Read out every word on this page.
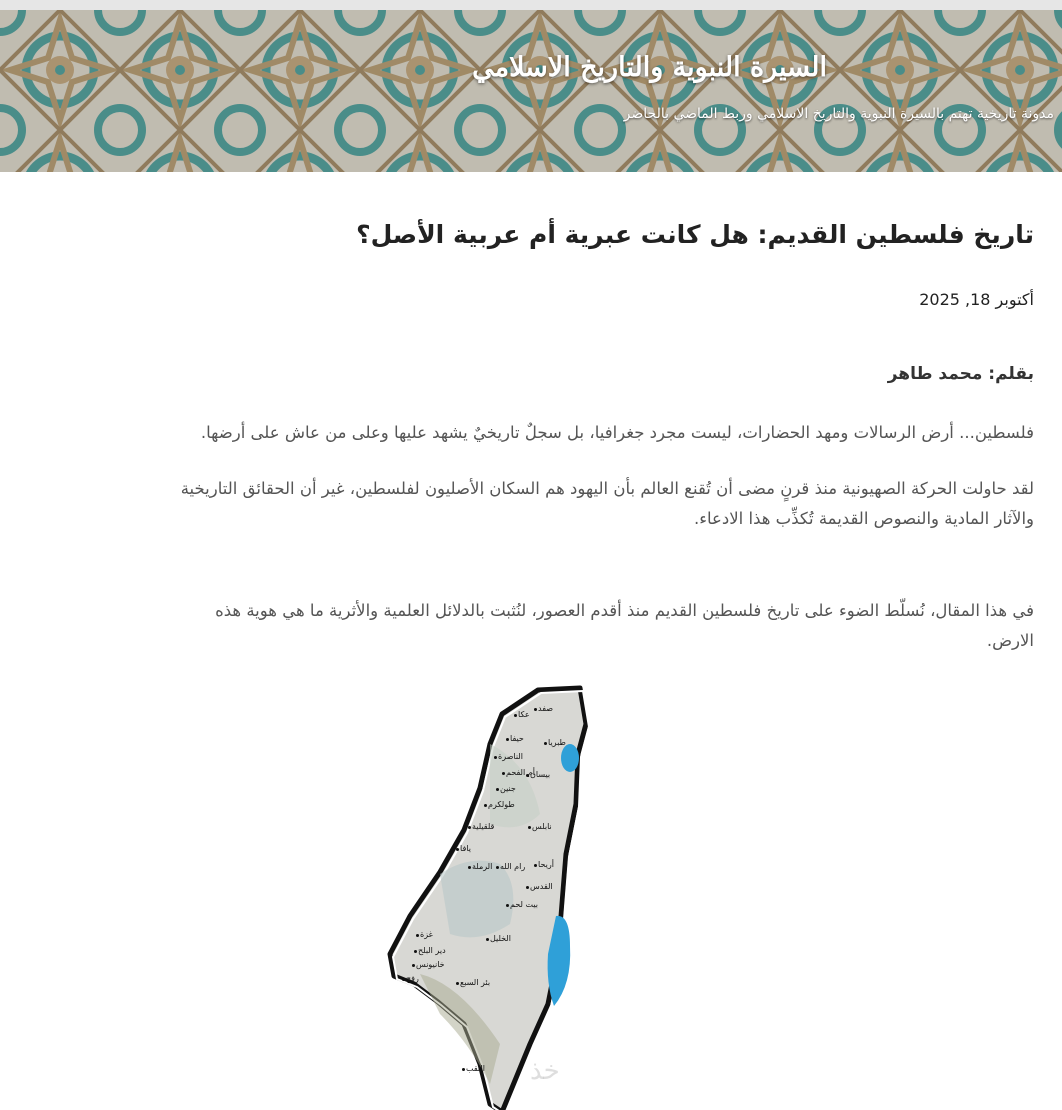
السيرة النبوية والتاريخ الاسلامي

مدونة تاريخية تهتم بالسيرة النبوية والتاريخ الاسلامي وربط الماضي بالحاضر

تاريخ فلسطين القديم: هل كانت عبرية أم عربية الأصل؟
أكتوبر 18, 2025

بقلم: محمد طاهر

فلسطين... أرض الرسالات ومهد الحضارات، ليست مجرد جغرافيا، بل سجلٌ تاريخيٌ يشهد عليها وعلى من عاش على أرضها.

لقد حاولت الحركة الصهيونية منذ قرنٍ مضى أن تُقنع العالم بأن اليهود هم السكان الأصليون لفلسطين، غير أن الحقائق التاريخية
والآثار المادية والنصوص القديمة تُكذِّب هذا الادعاء.

في هذا المقال، نُسلّط الضوء على تاريخ فلسطين القديم منذ أقدم العصور، لنُثبت بالدلائل العلمية والأثرية ما هي هوية هذه
الارض.

صفد
عكا
طبريا
حيفا
الناصرة
بيسان
أم الفحم
جنين
طولكرم
نابلس
قلقيلية
يافا
رام الله أريحا
الرملة
القدس
بيت لحم
الخليل
غزة
دير البلح
خانيونس
رفح	بئر السبع
النقب خذ
